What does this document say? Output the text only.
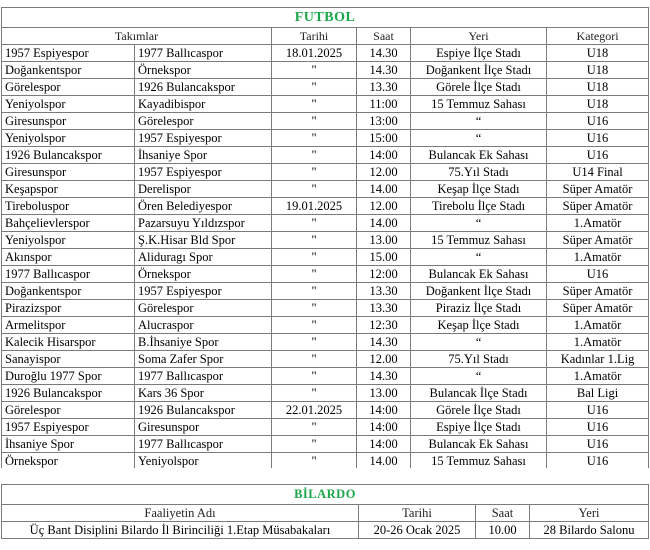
FUTBOL					
Takımlar		Tarihi	Saat	Yeri	Kategori
1957 Espiyespor	1977 Ballıcaspor	18.01.2025	14.30	Espiye İlçe Stadı	U18
Doğankentspor	Örnekspor	"	14.30	Doğankent İlçe Stadı	U18
Görelespor	1926 Bulancakspor	"	13.30	Görele İlçe Stadı	U18
Yeniyolspor	Kayadibispor	"	11:00	15 Temmuz Sahası	U18
Giresunspor	Görelespor	"	13:00	“	U16
Yeniyolspor	1957 Espiyespor	"	15:00	“	U16
1926 Bulancakspor	İhsaniye Spor	"	14:00	Bulancak Ek Sahası	U16
Giresunspor	1957 Espiyespor	"	12.00	75.Yıl Stadı	U14 Final
Keşapspor	Derelispor	"	14.00	Keşap İlçe Stadı	Süper Amatör
Tireboluspor	Ören Belediyespor	19.01.2025	12.00	Tirebolu İlçe Stadı	Süper Amatör
Bahçelievlerspor	Pazarsuyu Yıldızspor	"	14.00	“	1.Amatör
Yeniyolspor	Ş.K.Hisar Bld Spor	"	13.00	15 Temmuz Sahası	Süper Amatör
Akınspor	Aliduragı Spor	"	15.00	“	1.Amatör
1977 Ballıcaspor	Örnekspor	"	12:00	Bulancak Ek Sahası	U16
Doğankentspor	1957 Espiyespor	"	13.30	Doğankent İlçe Stadı	Süper Amatör
Pirazizspor	Görelespor	"	13.30	Piraziz İlçe Stadı	Süper Amatör
Armelitspor	Alucraspor	"	12:30	Keşap İlçe Stadı	1.Amatör
Kalecik Hisarspor	B.İhsaniye Spor	"	14.30	“	1.Amatör
Sanayispor	Soma Zafer Spor	"	12.00	75.Yıl Stadı	Kadınlar 1.Lig
Duroğlu 1977 Spor	1977 Ballıcaspor	"	14.30	“	1.Amatör
1926 Bulancakspor	Kars 36 Spor	"	13.00	Bulancak İlçe Stadı	Bal Ligi
Görelespor	1926 Bulancakspor	22.01.2025	14:00	Görele İlçe Stadı	U16
1957 Espiyespor	Giresunspor	"	14:00	Espiye İlçe Stadı	U16
İhsaniye Spor	1977 Ballıcaspor	"	14:00	Bulancak Ek Sahası	U16
Örnekspor	Yeniyolspor	"	14.00	15 Temmuz Sahası	U16
BİLARDO			
Faaliyetin Adı	Tarihi	Saat	Yeri
Üç Bant Disiplini Bilardo İl Birinciliği 1.Etap Müsabakaları	20-26 Ocak 2025	10.00	28 Bilardo Salonu
